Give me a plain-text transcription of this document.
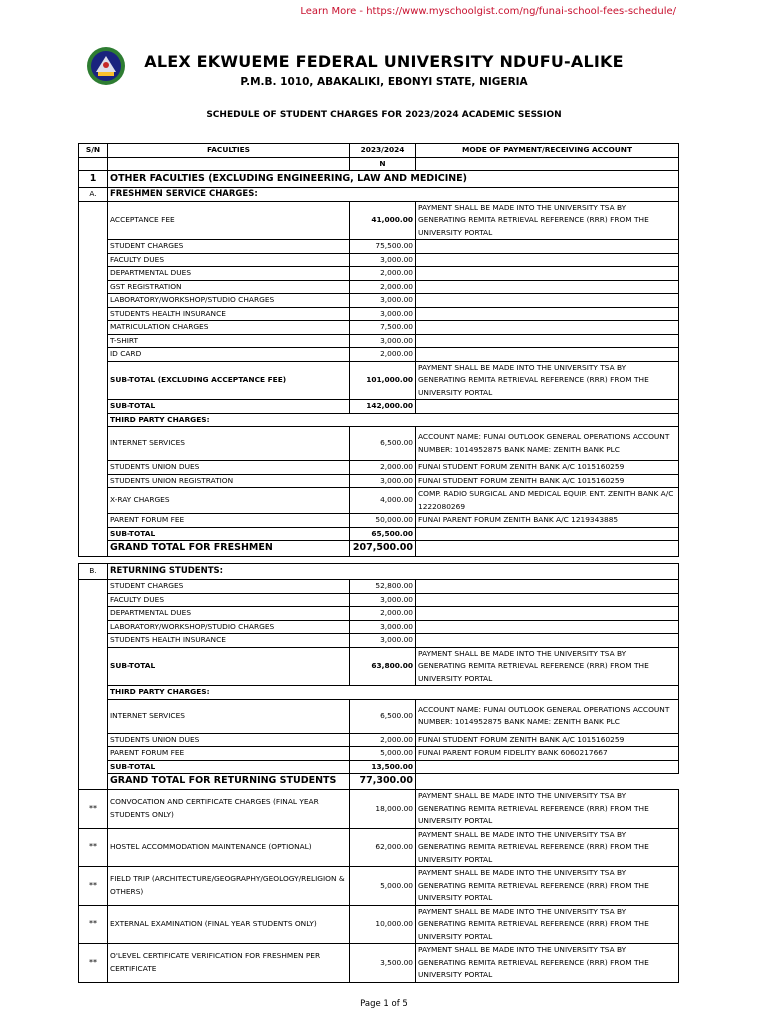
Learn More - https://www.myschoolgist.com/ng/funai-school-fees-schedule/
ALEX EKWUEME FEDERAL UNIVERSITY NDUFU-ALIKE
P.M.B. 1010, ABAKALIKI, EBONYI STATE, NIGERIA
SCHEDULE OF STUDENT CHARGES FOR 2023/2024 ACADEMIC SESSION
S/N	FACULTIES	2023/2024	MODE OF PAYMENT/RECEIVING ACCOUNT
		N	
1	OTHER FACULTIES (EXCLUDING ENGINEERING, LAW AND MEDICINE)		
A.	FRESHMEN SERVICE CHARGES:		
	ACCEPTANCE FEE	41,000.00	PAYMENT SHALL BE MADE INTO THE UNIVERSITY TSA BY GENERATING REMITA RETRIEVAL REFERENCE (RRR) FROM THE UNIVERSITY PORTAL
	STUDENT CHARGES	75,500.00	
	FACULTY DUES	3,000.00	
	DEPARTMENTAL DUES	2,000.00	
	GST REGISTRATION	2,000.00	
	LABORATORY/WORKSHOP/STUDIO CHARGES	3,000.00	
	STUDENTS HEALTH INSURANCE	3,000.00	
	MATRICULATION CHARGES	7,500.00	
	T-SHIRT	3,000.00	
	ID CARD	2,000.00	
	SUB-TOTAL (EXCLUDING ACCEPTANCE FEE)	101,000.00	PAYMENT SHALL BE MADE INTO THE UNIVERSITY TSA BY GENERATING REMITA RETRIEVAL REFERENCE (RRR) FROM THE UNIVERSITY PORTAL
	SUB-TOTAL	142,000.00	
	THIRD PARTY CHARGES:		
	INTERNET SERVICES	6,500.00	ACCOUNT NAME: FUNAI OUTLOOK GENERAL OPERATIONS ACCOUNT NUMBER: 1014952875 BANK NAME: ZENITH BANK PLC
	STUDENTS UNION DUES	2,000.00	FUNAI STUDENT FORUM ZENITH BANK A/C 1015160259
	STUDENTS UNION REGISTRATION	3,000.00	FUNAI STUDENT FORUM ZENITH BANK A/C 1015160259
	X-RAY CHARGES	4,000.00	COMP. RADIO SURGICAL AND MEDICAL EQUIP. ENT. ZENITH BANK A/C 1222080269
	PARENT FORUM FEE	50,000.00	FUNAI PARENT FORUM ZENITH BANK A/C 1219343885
	SUB-TOTAL	65,500.00	
	GRAND TOTAL FOR FRESHMEN	207,500.00	
B.	RETURNING STUDENTS:		
	STUDENT CHARGES	52,800.00	
	FACULTY DUES	3,000.00	
	DEPARTMENTAL DUES	2,000.00	
	LABORATORY/WORKSHOP/STUDIO CHARGES	3,000.00	
	STUDENTS HEALTH INSURANCE	3,000.00	
	SUB-TOTAL	63,800.00	PAYMENT SHALL BE MADE INTO THE UNIVERSITY TSA BY GENERATING REMITA RETRIEVAL REFERENCE (RRR) FROM THE UNIVERSITY PORTAL
	THIRD PARTY CHARGES:		
	INTERNET SERVICES	6,500.00	ACCOUNT NAME: FUNAI OUTLOOK GENERAL OPERATIONS ACCOUNT NUMBER: 1014952875 BANK NAME: ZENITH BANK PLC
	STUDENTS UNION DUES	2,000.00	FUNAI STUDENT FORUM ZENITH BANK A/C 1015160259
	PARENT FORUM FEE	5,000.00	FUNAI PARENT FORUM FIDELITY BANK 6060217667
	SUB-TOTAL	13,500.00	
	GRAND TOTAL FOR RETURNING STUDENTS	77,300.00	
**	CONVOCATION AND CERTIFICATE CHARGES (FINAL YEAR STUDENTS ONLY)	18,000.00	PAYMENT SHALL BE MADE INTO THE UNIVERSITY TSA BY GENERATING REMITA RETRIEVAL REFERENCE (RRR) FROM THE UNIVERSITY PORTAL
**	HOSTEL ACCOMMODATION MAINTENANCE (OPTIONAL)	62,000.00	PAYMENT SHALL BE MADE INTO THE UNIVERSITY TSA BY GENERATING REMITA RETRIEVAL REFERENCE (RRR) FROM THE UNIVERSITY PORTAL
**	FIELD TRIP (ARCHITECTURE/GEOGRAPHY/GEOLOGY/RELIGION & OTHERS)	5,000.00	PAYMENT SHALL BE MADE INTO THE UNIVERSITY TSA BY GENERATING REMITA RETRIEVAL REFERENCE (RRR) FROM THE UNIVERSITY PORTAL
**	EXTERNAL EXAMINATION (FINAL YEAR STUDENTS ONLY)	10,000.00	PAYMENT SHALL BE MADE INTO THE UNIVERSITY TSA BY GENERATING REMITA RETRIEVAL REFERENCE (RRR) FROM THE UNIVERSITY PORTAL
**	O'LEVEL CERTIFICATE VERIFICATION FOR FRESHMEN PER CERTIFICATE	3,500.00	PAYMENT SHALL BE MADE INTO THE UNIVERSITY TSA BY GENERATING REMITA RETRIEVAL REFERENCE (RRR) FROM THE UNIVERSITY PORTAL
Page 1 of 5
